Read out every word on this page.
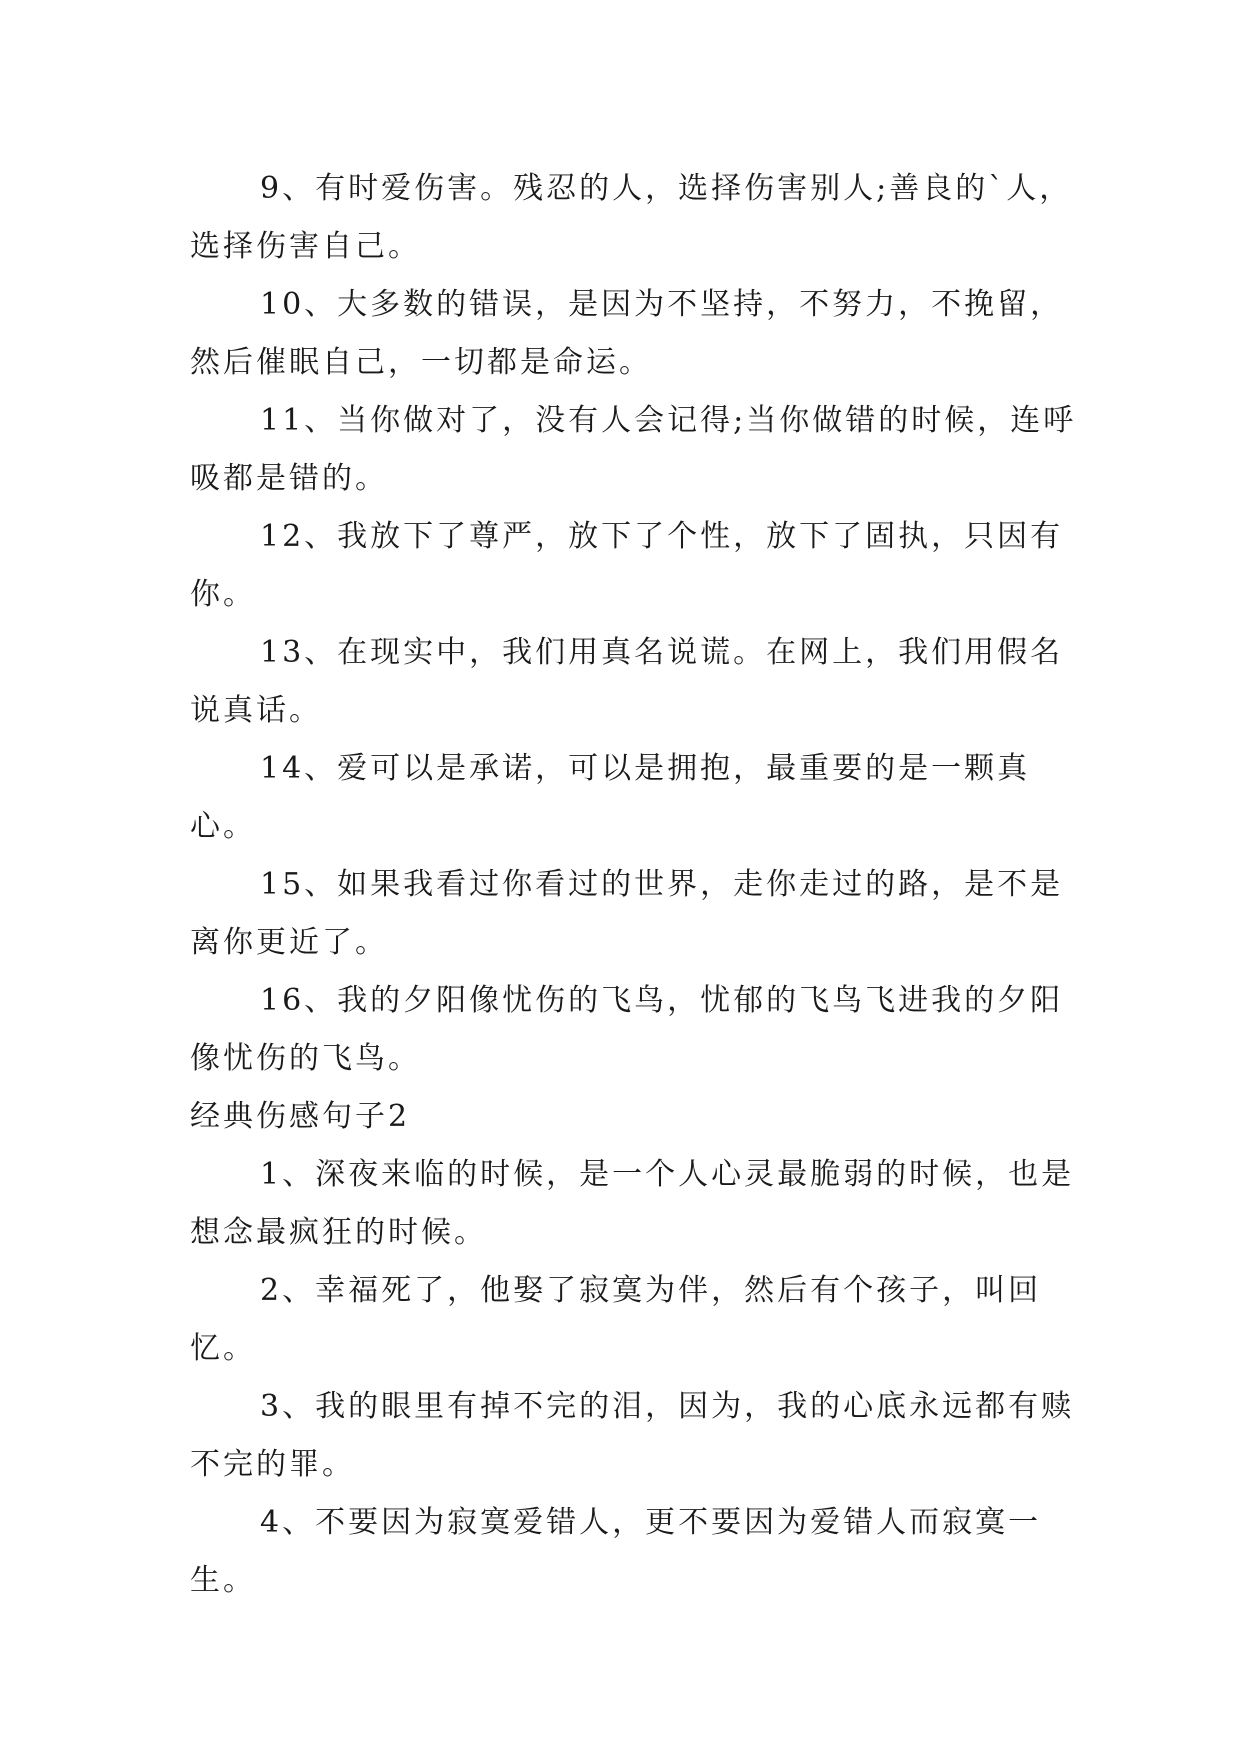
9、有时爱伤害。残忍的人，选择伤害别人;善良的`人，选择伤害自己。

10、大多数的错误，是因为不坚持，不努力，不挽留，然后催眠自己，一切都是命运。

11、当你做对了，没有人会记得;当你做错的时候，连呼吸都是错的。

12、我放下了尊严，放下了个性，放下了固执，只因有你。

13、在现实中，我们用真名说谎。在网上，我们用假名说真话。

14、爱可以是承诺，可以是拥抱，最重要的是一颗真心。

15、如果我看过你看过的世界，走你走过的路，是不是离你更近了。

16、我的夕阳像忧伤的飞鸟，忧郁的飞鸟飞进我的夕阳像忧伤的飞鸟。

经典伤感句子2

1、深夜来临的时候，是一个人心灵最脆弱的时候，也是想念最疯狂的时候。

2、幸福死了，他娶了寂寞为伴，然后有个孩子，叫回忆。

3、我的眼里有掉不完的泪，因为，我的心底永远都有赎不完的罪。

4、不要因为寂寞爱错人，更不要因为爱错人而寂寞一生。
